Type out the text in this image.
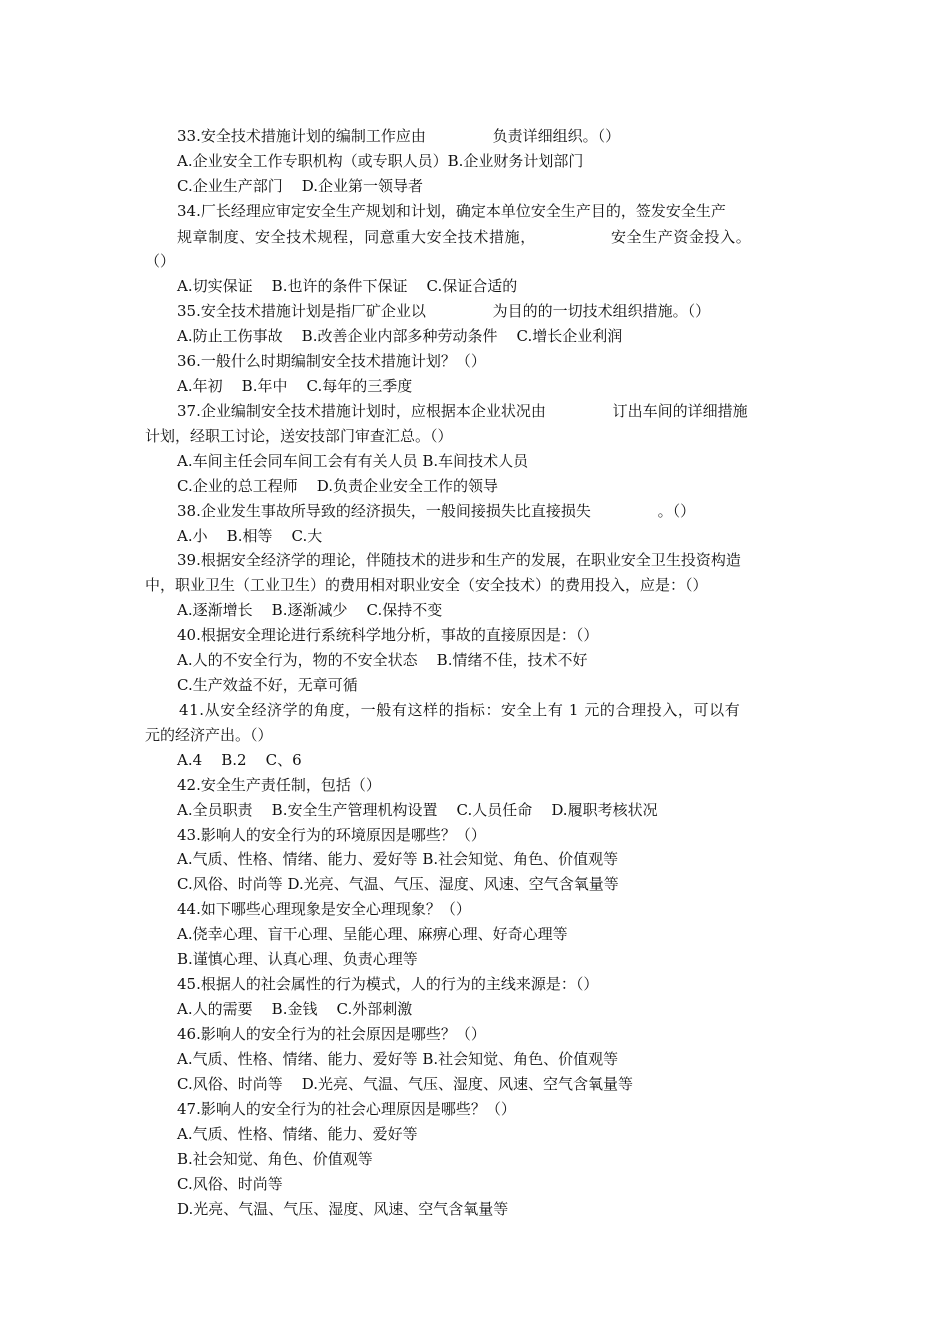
33.安全技术措施计划的编制工作应由              负责详细组织。（）
A.企业安全工作专职机构（或专职人员）B.企业财务计划部门
C.企业生产部门    D.企业第一领导者
34.厂长经理应审定安全生产规划和计划，确定本单位安全生产目的，签发安全生产
规章制度、安全技术规程，同意重大安全技术措施，              安全生产资金投入。
（）
A.切实保证    B.也许的条件下保证    C.保证合适的
35.安全技术措施计划是指厂矿企业以              为目的的一切技术组织措施。（）
A.防止工伤事故    B.改善企业内部多种劳动条件    C.增长企业利润
36.一般什么时期编制安全技术措施计划？（）
A.年初    B.年中    C.每年的三季度
37.企业编制安全技术措施计划时，应根据本企业状况由              订出车间的详细措施
计划，经职工讨论，送安技部门审查汇总。（）
A.车间主任会同车间工会有有关人员 B.车间技术人员
C.企业的总工程师    D.负责企业安全工作的领导
38.企业发生事故所导致的经济损失，一般间接损失比直接损失              。（）
A.小    B.相等    C.大
39.根据安全经济学的理论，伴随技术的进步和生产的发展，在职业安全卫生投资构造
中，职业卫生（工业卫生）的费用相对职业安全（安全技术）的费用投入，应是：（）
A.逐渐增长    B.逐渐减少    C.保持不变
40.根据安全理论进行系统科学地分析，事故的直接原因是：（）
A.人的不安全行为，物的不安全状态    B.情绪不佳，技术不好
C.生产效益不好，无章可循
41.从安全经济学的角度，一般有这样的指标：安全上有 1 元的合理投入，可以有
元的经济产出。（）
A.4    B.2    C、6
42.安全生产责任制，包括（）
A.全员职责    B.安全生产管理机构设置    C.人员任命    D.履职考核状况
43.影响人的安全行为的环境原因是哪些？（）
A.气质、性格、情绪、能力、爱好等 B.社会知觉、角色、价值观等
C.风俗、时尚等 D.光亮、气温、气压、湿度、风速、空气含氧量等
44.如下哪些心理现象是安全心理现象？（）
A.侥幸心理、盲干心理、呈能心理、麻痹心理、好奇心理等
B.谨慎心理、认真心理、负责心理等
45.根据人的社会属性的行为模式，人的行为的主线来源是：（）
A.人的需要    B.金钱    C.外部刺激
46.影响人的安全行为的社会原因是哪些？（）
A.气质、性格、情绪、能力、爱好等 B.社会知觉、角色、价值观等
C.风俗、时尚等    D.光亮、气温、气压、湿度、风速、空气含氧量等
47.影响人的安全行为的社会心理原因是哪些？（）
A.气质、性格、情绪、能力、爱好等
B.社会知觉、角色、价值观等
C.风俗、时尚等
D.光亮、气温、气压、湿度、风速、空气含氧量等
